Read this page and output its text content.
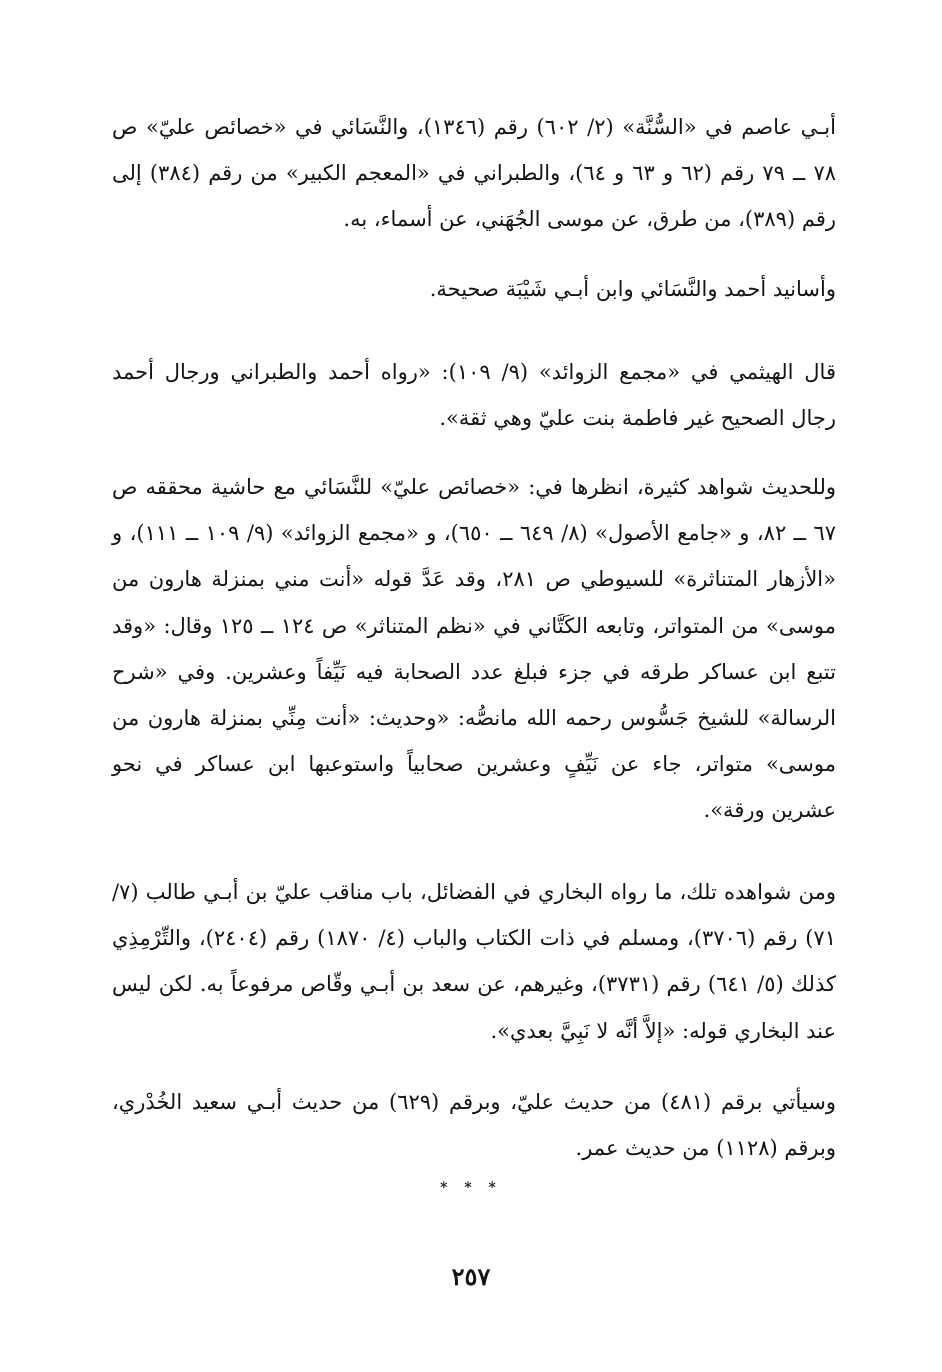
أبـي عاصم في «السُّنَّة» (٢/ ٦٠٢) رقم (١٣٤٦)، والنَّسَائي في «خصائص عليّ» ص ٧٨ ــ ٧٩ رقم (٦٢ و ٦٣ و ٦٤)، والطبراني في «المعجم الكبير» من رقم (٣٨٤) إلى رقم (٣٨٩)، من طرق، عن موسى الجُهَني، عن أسماء، به.

وأسانيد أحمد والنَّسَائي وابن أبـي شَيْبَة صحيحة.

قال الهيثمي في «مجمع الزوائد» (٩/ ١٠٩): «رواه أحمد والطبراني ورجال أحمد رجال الصحيح غير فاطمة بنت عليّ وهي ثقة».

وللحديث شواهد كثيرة، انظرها في: «خصائص عليّ» للنَّسَائي مع حاشية محققه ص ٦٧ ــ ٨٢، و «جامع الأصول» (٨/ ٦٤٩ ــ ٦٥٠)، و «مجمع الزوائد» (٩/ ١٠٩ ــ ١١١)، و «الأزهار المتناثرة» للسيوطي ص ٢٨١، وقد عَدَّ قوله «أنت مني بمنزلة هارون من موسى» من المتواتر، وتابعه الكَتَّاني في «نظم المتناثر» ص ١٢٤ ــ ١٢٥ وقال: «وقد تتبع ابن عساكر طرقه في جزء فبلغ عدد الصحابة فيه نَيِّفاً وعشرين. وفي «شرح الرسالة» للشيخ جَسُّوس رحمه الله مانصُّه: «وحديث: «أنت مِنِّي بمنزلة هارون من موسى» متواتر، جاء عن نَيِّفٍ وعشرين صحابياً واستوعبها ابن عساكر في نحو عشرين ورقة».

ومن شواهده تلك، ما رواه البخاري في الفضائل، باب مناقب عليّ بن أبـي طالب (٧/ ٧١) رقم (٣٧٠٦)، ومسلم في ذات الكتاب والباب (٤/ ١٨٧٠) رقم (٢٤٠٤)، والتِّرْمِذِي كذلك (٥/ ٦٤١) رقم (٣٧٣١)، وغيرهم، عن سعد بن أبـي وقّاص مرفوعاً به. لكن ليس عند البخاري قوله: «إلاَّ أنَّه لا نَبِيَّ بعدي».

وسيأتي برقم (٤٨١) من حديث عليّ، وبرقم (٦٢٩) من حديث أبـي سعيد الخُدْري، وبرقم (١١٢٨) من حديث عمر.

* * *
٢٥٧
